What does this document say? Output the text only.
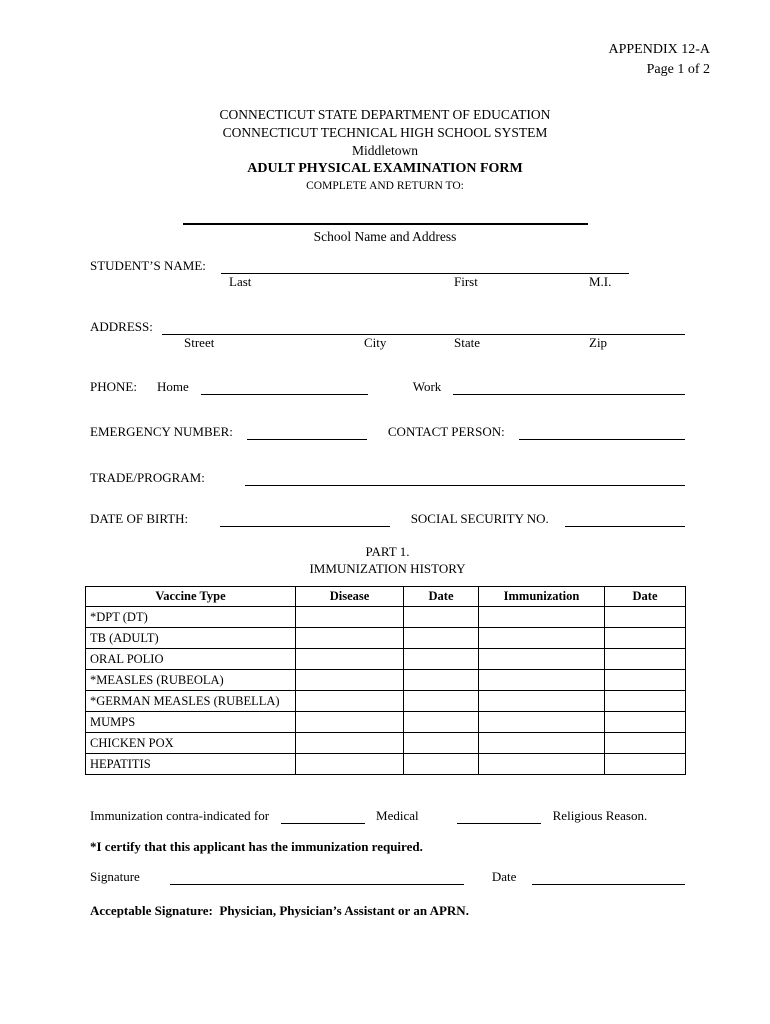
APPENDIX 12-A
Page 1 of 2
CONNECTICUT STATE DEPARTMENT OF EDUCATION
CONNECTICUT TECHNICAL HIGH SCHOOL SYSTEM
Middletown
ADULT PHYSICAL EXAMINATION FORM
COMPLETE AND RETURN TO:
School Name and Address
STUDENT’S NAME:
Last	First	M.I.
ADDRESS:
Street	City	State	Zip
PHONE: Home	Work
EMERGENCY NUMBER:	CONTACT PERSON:
TRADE/PROGRAM:
DATE OF BIRTH:	SOCIAL SECURITY NO.
PART 1.
IMMUNIZATION HISTORY
Vaccine Type	Disease	Date	Immunization	Date
*DPT (DT)				
TB (ADULT)				
ORAL POLIO				
*MEASLES (RUBEOLA)				
*GERMAN MEASLES (RUBELLA)				
MUMPS				
CHICKEN POX				
HEPATITIS				
Immunization contra-indicated for	Medical	Religious Reason.
*I certify that this applicant has the immunization required.
Signature	Date
Acceptable Signature:  Physician, Physician’s Assistant or an APRN.
